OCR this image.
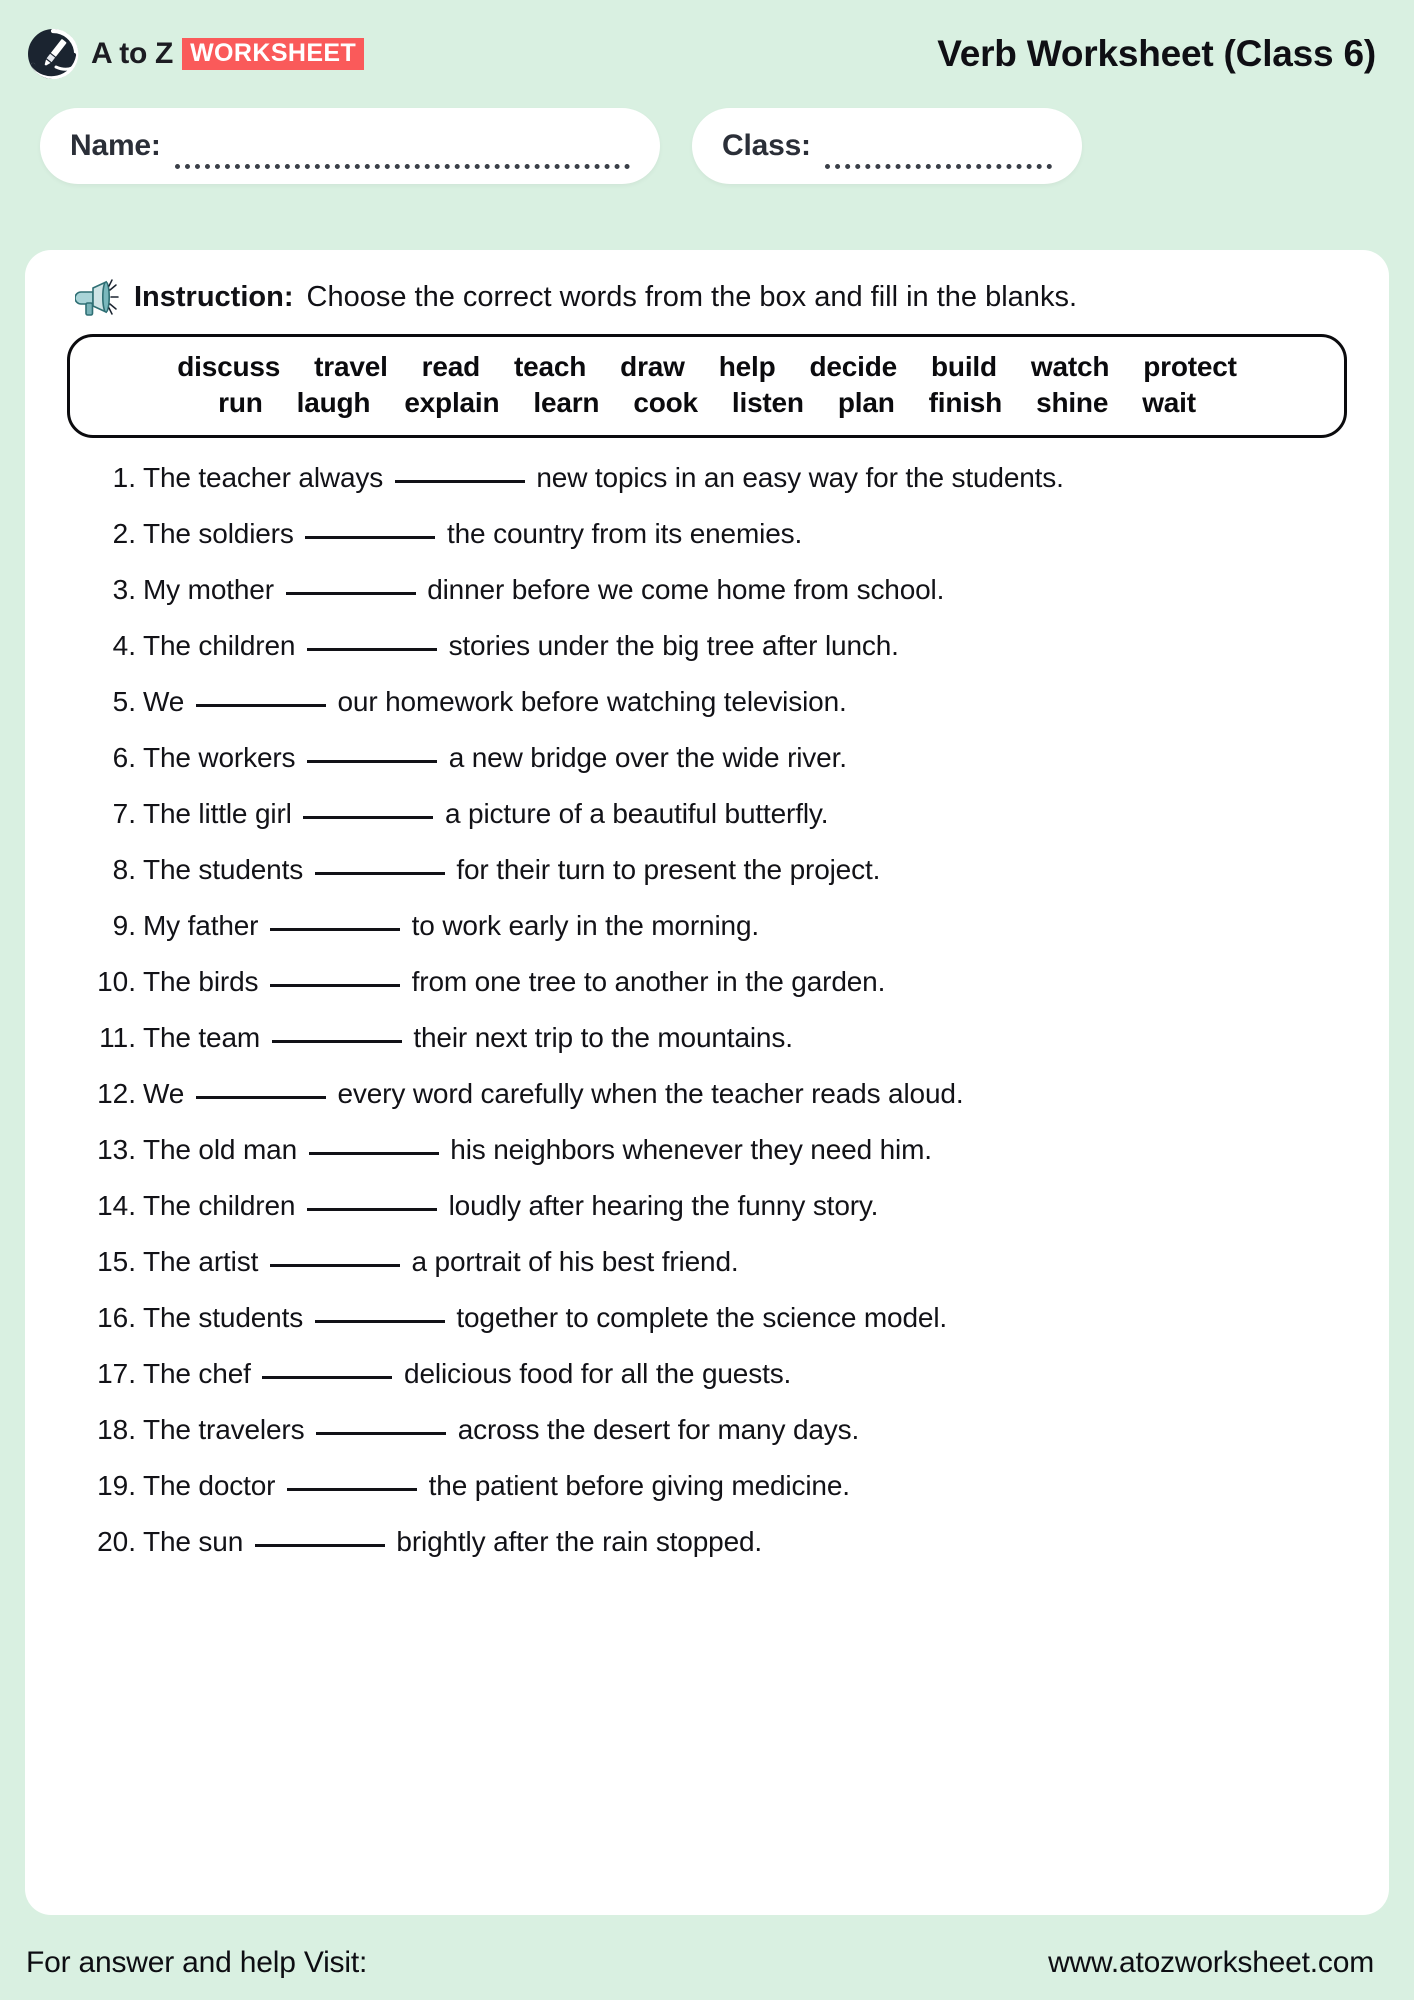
A to Z WORKSHEET	Verb Worksheet (Class 6)
Name:	Class:
Instruction: Choose the correct words from the box and fill in the blanks.
discuss travel read teach draw help decide build watch protect
run laugh explain learn cook listen plan finish shine wait
1. The teacher always	new topics in an easy way for the students.
2. The soldiers	the country from its enemies.
3. My mother	dinner before we come home from school.
4. The children	stories under the big tree after lunch.
5. We	our homework before watching television.
6. The workers	a new bridge over the wide river.
7. The little girl	a picture of a beautiful butterfly.
8. The students	for their turn to present the project.
9. My father	to work early in the morning.
10. The birds	from one tree to another in the garden.
11. The team	their next trip to the mountains.
12. We	every word carefully when the teacher reads aloud.
13. The old man	his neighbors whenever they need him.
14. The children	loudly after hearing the funny story.
15. The artist	a portrait of his best friend.
16. The students	together to complete the science model.
17. The chef	delicious food for all the guests.
18. The travelers	across the desert for many days.
19. The doctor	the patient before giving medicine.
20. The sun	brightly after the rain stopped.
For answer and help Visit:	www.atozworksheet.com
